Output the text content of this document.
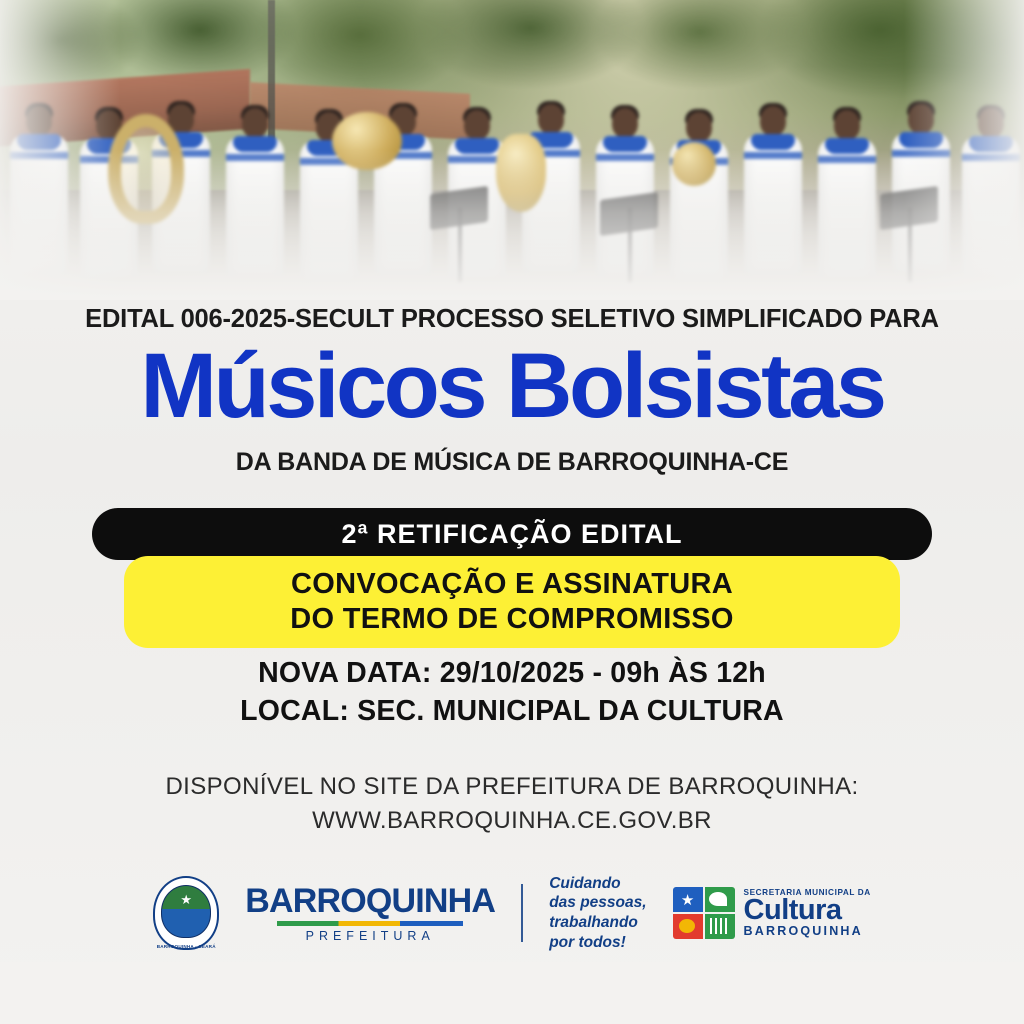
EDITAL 006-2025-SECULT PROCESSO SELETIVO SIMPLIFICADO PARA
Músicos Bolsistas
DA BANDA DE MÚSICA DE BARROQUINHA-CE
2ª RETIFICAÇÃO EDITAL
CONVOCAÇÃO E ASSINATURA
DO TERMO DE COMPROMISSO
NOVA DATA: 29/10/2025 - 09h ÀS 12h
LOCAL: SEC. MUNICIPAL DA CULTURA
DISPONÍVEL NO SITE DA PREFEITURA DE BARROQUINHA:
WWW.BARROQUINHA.CE.GOV.BR
★
BARROQUINHA - CEARÁ
BARROQUINHA
PREFEITURA
Cuidando
das pessoas,
trabalhando
por todos!
★
SECRETARIA MUNICIPAL DA
Cultura
BARROQUINHA
